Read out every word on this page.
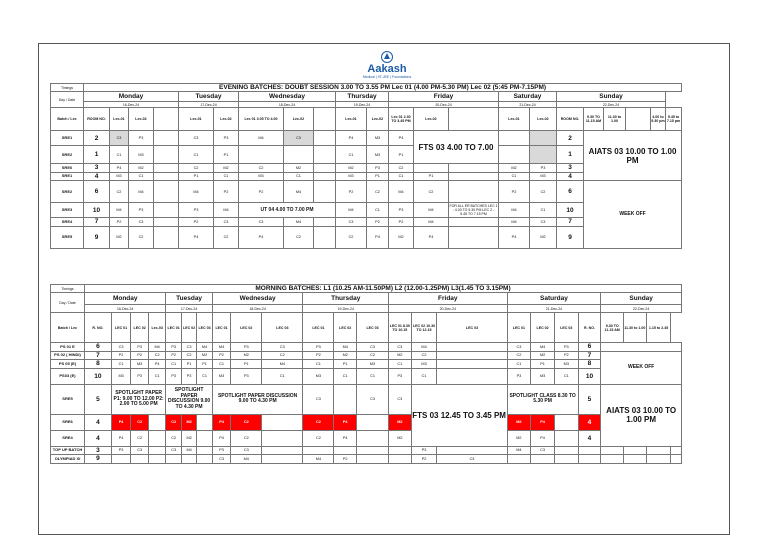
Aakash
Medical | IIT-JEE | Foundations
Timings	EVENING BATCHES: DOUBT SESSION 3.00 TO 3.55 PM Lec 01 (4.00 PM-5.30 PM) Lec 02 (5:45 PM-7.15PM)																					
Day / Date	Monday				Tuesday		Wednesday			Thursday		Friday			Saturday		Sunday					
	16-Dec-24				17-Dec-24		18-Dec-24			19-Dec-24		20-Dec-24			21-Dec-24		22-Dec-24					
Batch / Lec	ROOM NO.	Lec-01	Lec-02		Lec-01	Lec-02	Lec 01 3.05 TO 4.00	Lec-02		Lec-01	Lec-02	Lec 01 2.30 TO 3.45 PM	Lec-02		Lec-01	Lec-02	ROOM NO.	9.30 TO 11.15 AM	11.30 to 1.00		4.00 to 5.30 pm	5.45 to 7.15 pm
SRE1	2	C3	P3		C3	P3	M4	C3		P4	M3	P4	FTS 03 4.00 TO 7.00				2	AIATS 03 10.00 TO 1.00 PM				
SRE2	1	C1	M3		C1	P1				C1	M3	P1					1					
SRE6	3	P4	M2		C2	M2	C2	M2		M2	P3	C2			M2	P3	3					
SRE1	4	M3	C1		P1	C1	M3	C1		M3	P1	C1	P1		C1	M3	4					
SRE2	6	C2	M4		M4	P2	P2	M4		P2	C2	M4	C2		P2	C2	6	WEEK OFF				
SRE3	10	M4	P3		P3	M4	UT 04 4.00 TO 7.00 PM			M4	C1	P3	M4	FOR ALL ER BATCHES LEC 1 - 4.00 TO 5.30 PM LEC 2 - 5.45 TO 7.15 PM	M4	C1	10					
SRE4	7	P2	C3		P2	C3	C3	M4		C3	P2	P2	M4		M4	C3	7					
SRE5	9	M2	C2		P4	C2	P4	C2		C2	P4	M2	P4		P4	M2	9					
Timings	MORNING BATCHES: L1 (10.25 AM-11.50PM) L2 (12.00-1.25PM) L3(1.45 TO 3.15PM)																							
Day / Date	Monday				Tuesday			Wednesday			Thursday			Friday			Saturday				Sunday			
	16-Dec-24				17-Dec-24			18-Dec-24			19-Dec-24			20-Dec-24			21-Dec-24				22-Dec-24			
Batch / Lec	R. NO.	LEC 01	LEC 02	Lec-03	LEC 01	LEC 02	LEC 03	LEC 01	LEC 02	LEC 03	LEC 01	LEC 02	LEC 03	LEC 01 8.30 TO 10.15	LEC 02 10.30 TO 12.15	LEC 03	LEC 01	LEC 02	LEC 03	R. NO.	9.30 TO 11.15 AM	11.30 to 1.00	1.15 to 2.45	
PS 01 E	6	C3	P3	M4	P3	C3	M4	M4	P3	C3	P3	M4	C3	C3	M4		C3	M4	P3	6				
PS 02 ( HINDI)	7	P2	P2	C2	P2	C2	M2	P2	M2	C2	P2	M2	C2	M2	C2		C2	M2	P2	7	WEEK OFF			
PS 05 (E)	8	C1	M3	P4	C1	P1	P1	C1	P1	M4	C1	P1	M3	C1	M3		C1	P1	M3	8				
PS03 (E)	10	M3	P3	C1	P3	P3	C1	M3	P3	C1	M3	C1	C1	P3	C1		P3	M3	C1	10				
SRE5	5	SPOTLIGHT PAPER P1: 9.00 TO 12.00 P2: 2.00 TO 5.00 PM			SPOTLIGHT PAPER DISCUSSION 9.00 TO 4.30 PM			SPOTLIGHT PAPER DISCUSSION 9.00 TO 4.30 PM			C3		C3	C3	FTS 03 12.45 TO 3.45 PM		SPOTLIGHT CLASS 8.30 TO 5.30 PM			5	AIATS 03 10.00 TO 1.00 PM			
SRE6	4	P4	C2		C2	M2		P4	C2		C2	P4		M2			M2	P4		4				
SRE4	4	P4	C2		C2	M2		P4	C2		C2	P4		M2			M2	P4		4				
TOP UP BATCH	3	P3	C3		C3	M4		P3	C3						P3		M4	C3						
OLYMPIAD XI	9							C3	M4		M4	P2			P2	C3								
